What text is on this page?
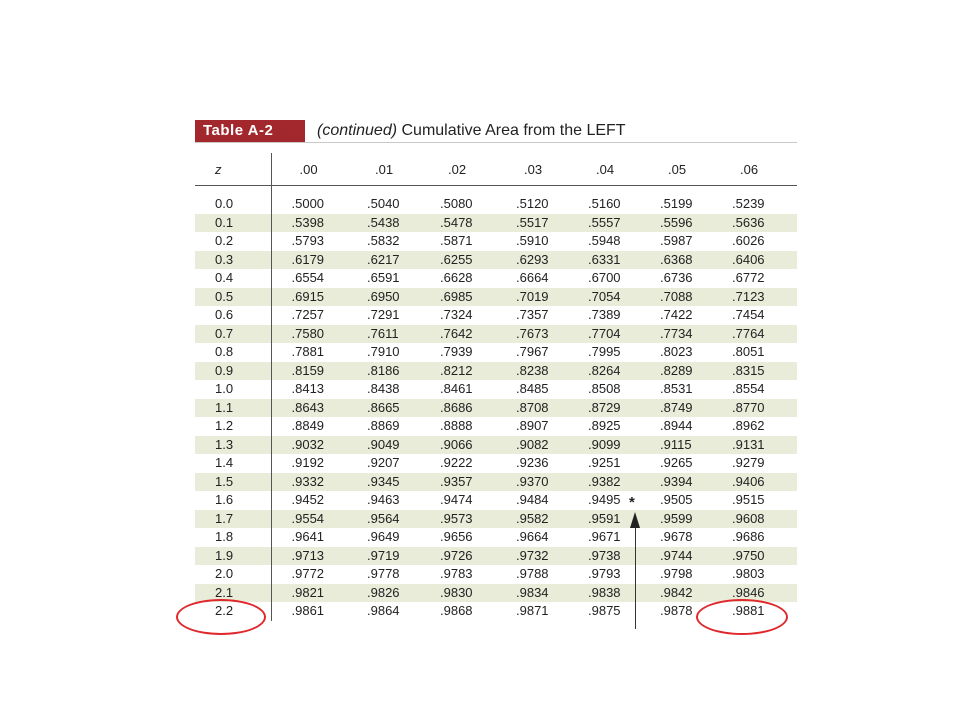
Table A-2	(continued) Cumulative Area from the LEFT
z	.00	.01	.02	.03	.04	.05	.06

0.0	.5000	.5040	.5080	.5120	.5160	.5199	.5239
0.1	.5398	.5438	.5478	.5517	.5557	.5596	.5636
0.2	.5793	.5832	.5871	.5910	.5948	.5987	.6026
0.3	.6179	.6217	.6255	.6293	.6331	.6368	.6406
0.4	.6554	.6591	.6628	.6664	.6700	.6736	.6772
0.5	.6915	.6950	.6985	.7019	.7054	.7088	.7123
0.6	.7257	.7291	.7324	.7357	.7389	.7422	.7454
0.7	.7580	.7611	.7642	.7673	.7704	.7734	.7764
0.8	.7881	.7910	.7939	.7967	.7995	.8023	.8051
0.9	.8159	.8186	.8212	.8238	.8264	.8289	.8315
1.0	.8413	.8438	.8461	.8485	.8508	.8531	.8554
1.1	.8643	.8665	.8686	.8708	.8729	.8749	.8770
1.2	.8849	.8869	.8888	.8907	.8925	.8944	.8962
1.3	.9032	.9049	.9066	.9082	.9099	.9115	.9131
1.4	.9192	.9207	.9222	.9236	.9251	.9265	.9279
1.5	.9332	.9345	.9357	.9370	.9382	.9394	.9406
1.6	.9452	.9463	.9474	.9484	.9495	.9505	.9515
1.7	.9554	.9564	.9573	.9582	.9591	.9599	.9608
1.8	.9641	.9649	.9656	.9664	.9671	.9678	.9686
1.9	.9713	.9719	.9726	.9732	.9738	.9744	.9750
2.0	.9772	.9778	.9783	.9788	.9793	.9798	.9803
2.1	.9821	.9826	.9830	.9834	.9838	.9842	.9846
2.2	.9861	.9864	.9868	.9871	.9875	.9878	.9881
*
